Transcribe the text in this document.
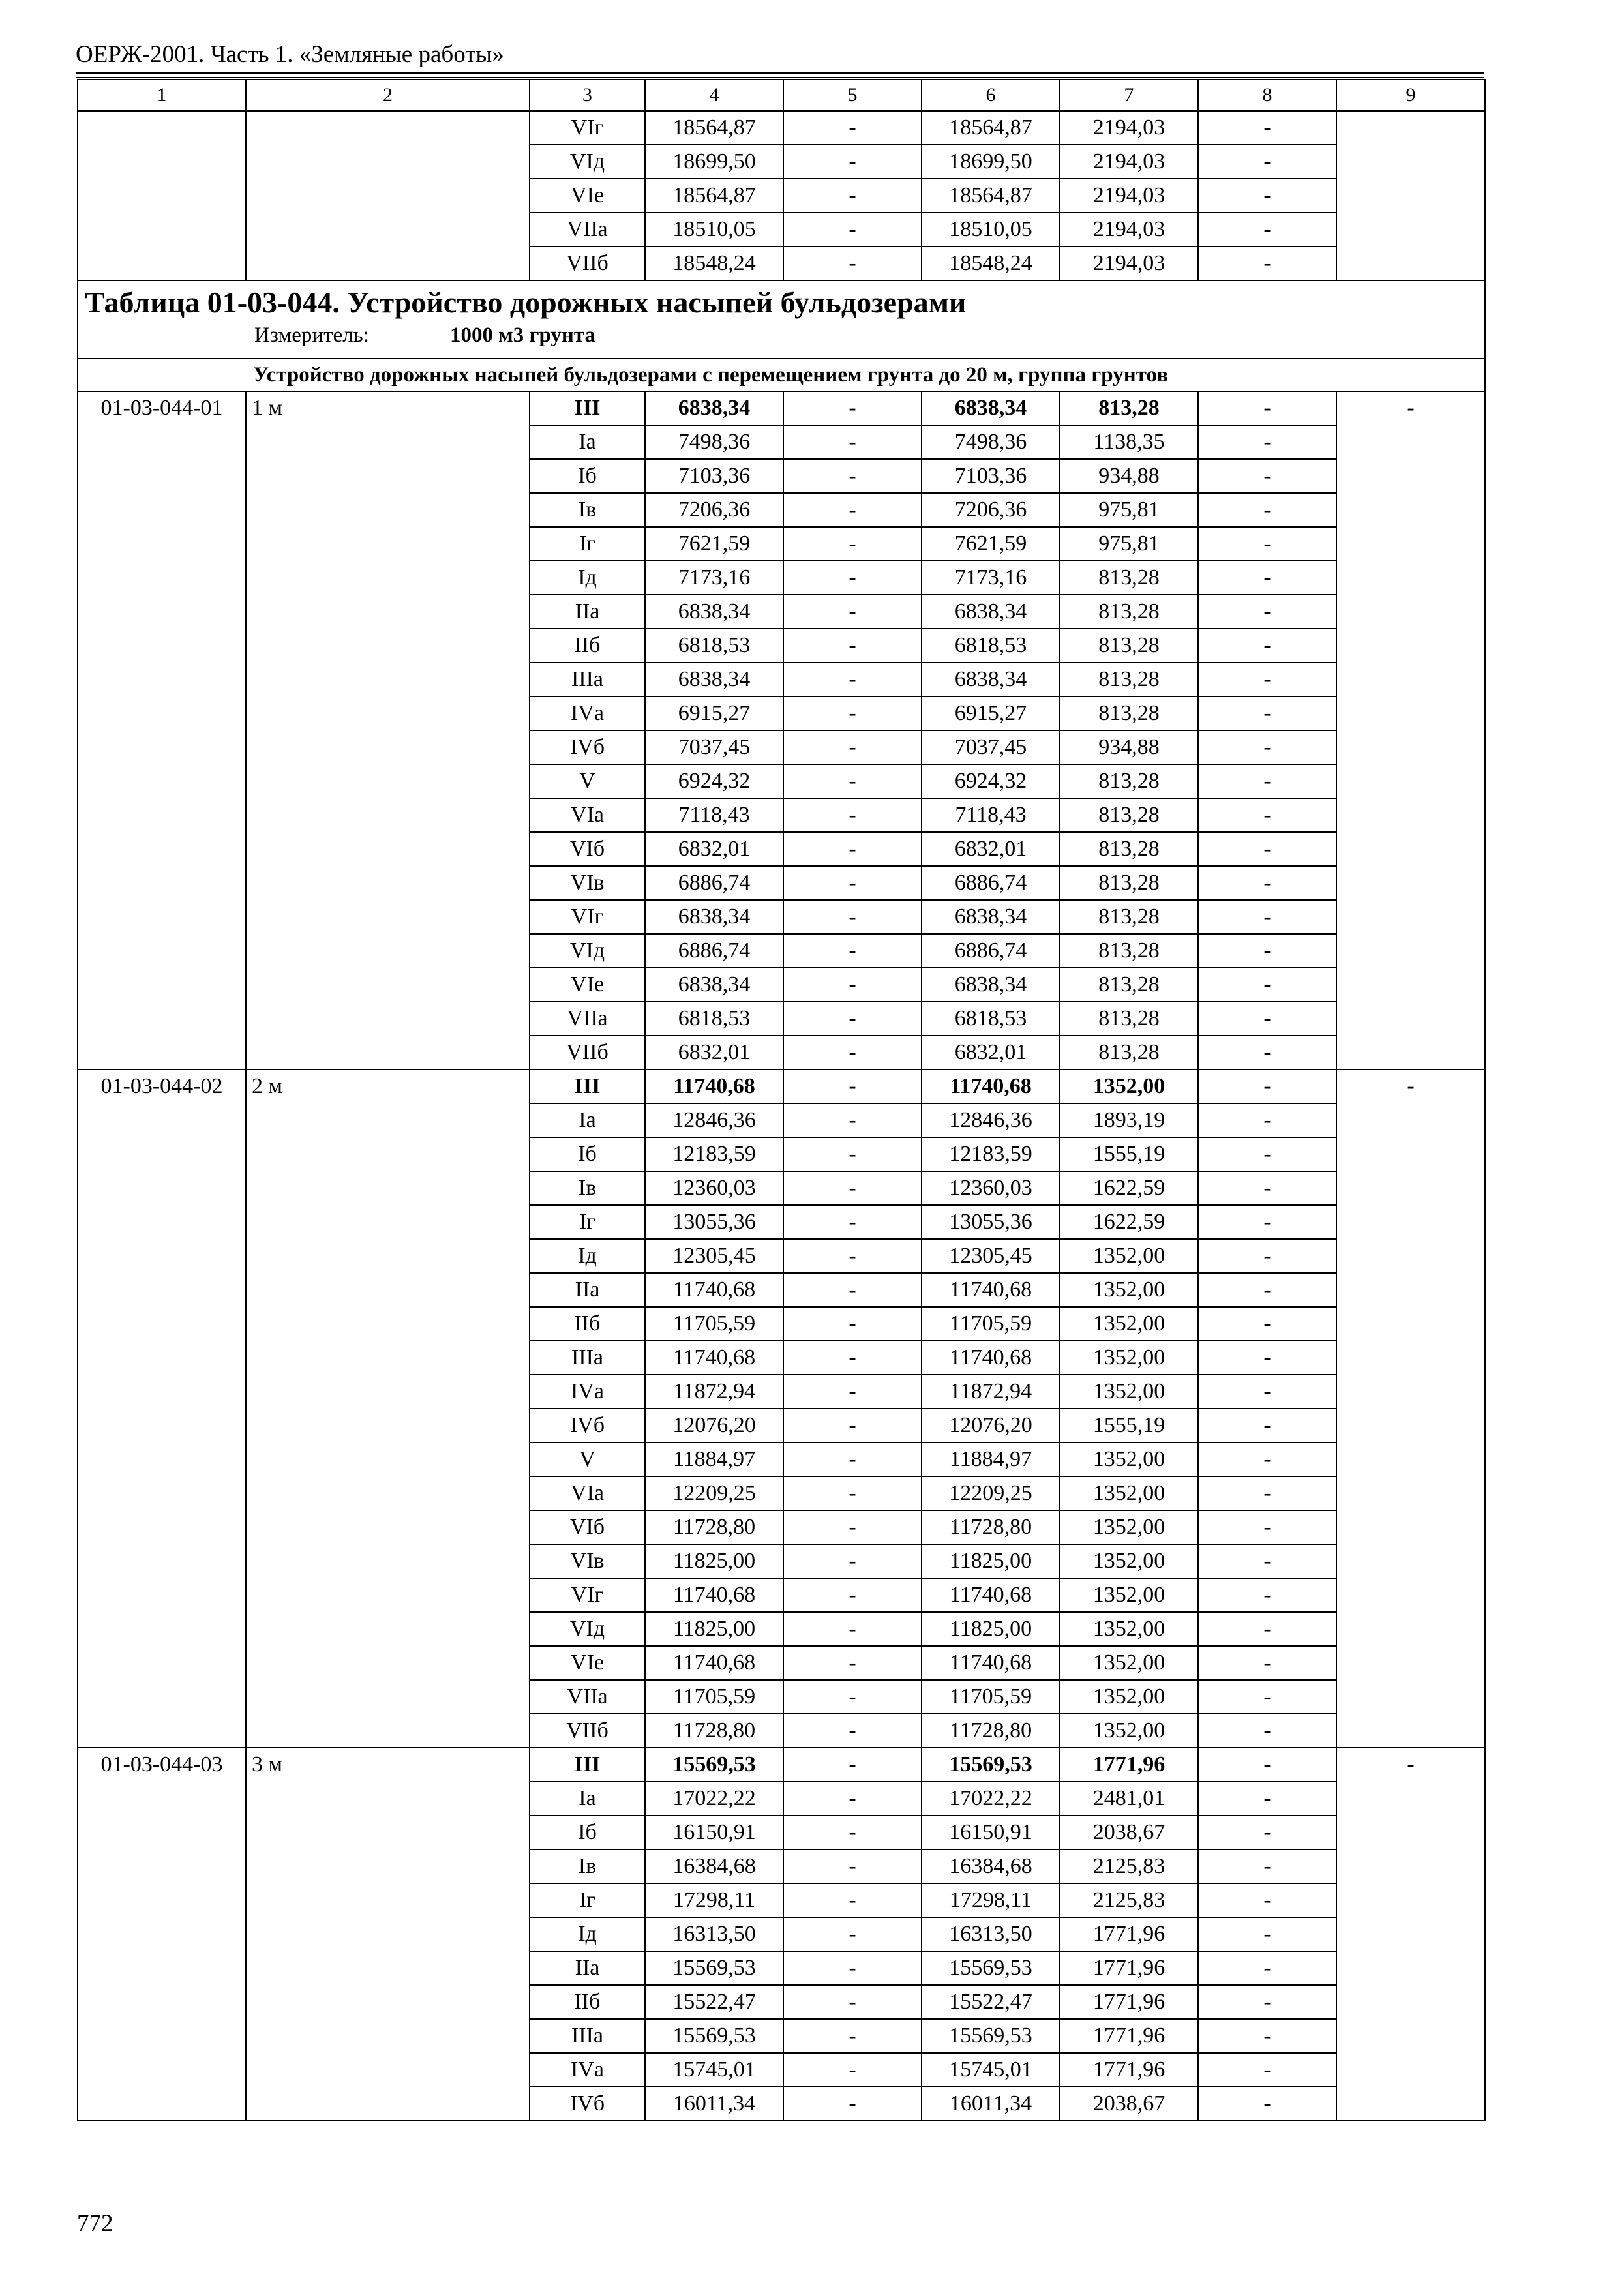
ОЕРЖ-2001. Часть 1. «Земляные работы»
1	2	3	4	5	6	7	8	9
		VIг	18564,87	-	18564,87	2194,03	-	
		VIд	18699,50	-	18699,50	2194,03	-	
		VIе	18564,87	-	18564,87	2194,03	-	
		VIIа	18510,05	-	18510,05	2194,03	-	
		VIIб	18548,24	-	18548,24	2194,03	-	

Таблица 01-03-044. Устройство дорожных насыпей бульдозерами
Измеритель: 1000 м3 грунта								

Устройство дорожных насыпей бульдозерами с перемещением грунта до 20 м, группа грунтов								
01-03-044-01	1 м	III	6838,34	-	6838,34	813,28	-	-
		Iа	7498,36	-	7498,36	1138,35	-	
		Iб	7103,36	-	7103,36	934,88	-	
		Iв	7206,36	-	7206,36	975,81	-	
		Iг	7621,59	-	7621,59	975,81	-	
		Iд	7173,16	-	7173,16	813,28	-	
		IIа	6838,34	-	6838,34	813,28	-	
		IIб	6818,53	-	6818,53	813,28	-	
		IIIа	6838,34	-	6838,34	813,28	-	
		IVа	6915,27	-	6915,27	813,28	-	
		IVб	7037,45	-	7037,45	934,88	-	
		V	6924,32	-	6924,32	813,28	-	
		VIа	7118,43	-	7118,43	813,28	-	
		VIб	6832,01	-	6832,01	813,28	-	
		VIв	6886,74	-	6886,74	813,28	-	
		VIг	6838,34	-	6838,34	813,28	-	
		VIд	6886,74	-	6886,74	813,28	-	
		VIе	6838,34	-	6838,34	813,28	-	
		VIIа	6818,53	-	6818,53	813,28	-	
		VIIб	6832,01	-	6832,01	813,28	-	
01-03-044-02	2 м	III	11740,68	-	11740,68	1352,00	-	-
		Iа	12846,36	-	12846,36	1893,19	-	
		Iб	12183,59	-	12183,59	1555,19	-	
		Iв	12360,03	-	12360,03	1622,59	-	
		Iг	13055,36	-	13055,36	1622,59	-	
		Iд	12305,45	-	12305,45	1352,00	-	
		IIа	11740,68	-	11740,68	1352,00	-	
		IIб	11705,59	-	11705,59	1352,00	-	
		IIIа	11740,68	-	11740,68	1352,00	-	
		IVа	11872,94	-	11872,94	1352,00	-	
		IVб	12076,20	-	12076,20	1555,19	-	
		V	11884,97	-	11884,97	1352,00	-	
		VIа	12209,25	-	12209,25	1352,00	-	
		VIб	11728,80	-	11728,80	1352,00	-	
		VIв	11825,00	-	11825,00	1352,00	-	
		VIг	11740,68	-	11740,68	1352,00	-	
		VIд	11825,00	-	11825,00	1352,00	-	
		VIе	11740,68	-	11740,68	1352,00	-	
		VIIа	11705,59	-	11705,59	1352,00	-	
		VIIб	11728,80	-	11728,80	1352,00	-	
01-03-044-03	3 м	III	15569,53	-	15569,53	1771,96	-	-
		Iа	17022,22	-	17022,22	2481,01	-	
		Iб	16150,91	-	16150,91	2038,67	-	
		Iв	16384,68	-	16384,68	2125,83	-	
		Iг	17298,11	-	17298,11	2125,83	-	
		Iд	16313,50	-	16313,50	1771,96	-	
		IIа	15569,53	-	15569,53	1771,96	-	
		IIб	15522,47	-	15522,47	1771,96	-	
		IIIа	15569,53	-	15569,53	1771,96	-	
		IVа	15745,01	-	15745,01	1771,96	-	
		IVб	16011,34	-	16011,34	2038,67	-	
772
